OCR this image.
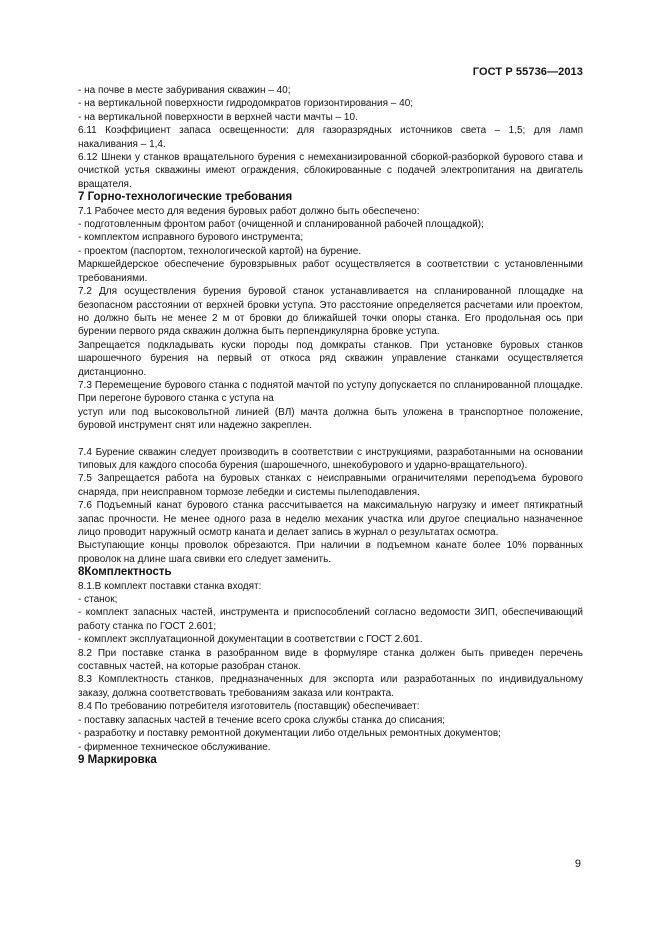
ГОСТ Р 55736—2013

- на почве в месте забуривания скважин – 40;

- на вертикальной поверхности гидродомкратов горизонтирования – 40;

- на вертикальной поверхности в верхней части мачты – 10.

6.11 Коэффициент запаса освещенности: для газоразрядных источников света – 1,5; для ламп накаливания – 1,4.

6.12 Шнеки у станков вращательного бурения с немеханизированной сборкой-разборкой бурового става и очисткой устья скважины имеют ограждения, сблокированные с подачей электропитания на двигатель вращателя.

7 Горно-технологические требования

7.1 Рабочее место для ведения буровых работ должно быть обеспечено:

- подготовленным фронтом работ (очищенной и спланированной рабочей площадкой);

- комплектом исправного бурового инструмента;

- проектом (паспортом, технологической картой) на бурение.

Маркшейдерское обеспечение буровзрывных работ осуществляется в соответствии с установленными требованиями.

7.2 Для осуществления бурения буровой станок устанавливается на спланированной площадке на безопасном расстоянии от верхней бровки уступа. Это расстояние определяется расчетами или проектом, но должно быть не менее 2 м от бровки до ближайшей точки опоры станка. Его продольная ось при бурении первого ряда скважин должна быть перпендикулярна бровке уступа.

Запрещается подкладывать куски породы под домкраты станков. При установке буровых станков шарошечного бурения на первый от откоса ряд скважин управление станками осуществляется дистанционно.

7.3 Перемещение бурового станка с поднятой мачтой по уступу допускается по спланированной площадке. При перегоне бурового станка с уступа на

уступ или под высоковольтной линией (ВЛ) мачта должна быть уложена в транспортное положение, буровой инструмент снят или надежно закреплен.

7.4 Бурение скважин следует производить в соответствии с инструкциями, разработанными на основании типовых для каждого способа бурения (шарошечного, шнекобурового и ударно-вращательного).

7.5 Запрещается работа на буровых станках с неисправными ограничителями переподъема бурового снаряда, при неисправном тормозе лебедки и системы пылеподавления.

7.6 Подъемный канат бурового станка рассчитывается на максимальную нагрузку и имеет пятикратный запас прочности. Не менее одного раза в неделю механик участка или другое специально назначенное лицо проводит наружный осмотр каната и делает запись в журнал о результатах осмотра.

Выступающие концы проволок обрезаются. При наличии в подъемном канате более 10% порванных проволок на длине шага свивки его следует заменить.

8Комплектность

8.1.В комплект поставки станка входят:

- станок;

- комплект запасных частей, инструмента и приспособлений согласно ведомости ЗИП, обеспечивающий работу станка по ГОСТ 2.601;

- комплект эксплуатационной документации в соответствии с ГОСТ 2.601.

8.2 При поставке станка в разобранном виде в формуляре станка должен быть приведен перечень составных частей, на которые разобран станок.

8.3 Комплектность станков, предназначенных для экспорта или разработанных по индивидуальному заказу, должна соответствовать требованиям заказа или контракта.

8.4 По требованию потребителя изготовитель (поставщик) обеспечивает:

- поставку запасных частей в течение всего срока службы станка до списания;

- разработку и поставку ремонтной документации либо отдельных ремонтных документов;

- фирменное техническое обслуживание.

9 Маркировка

9
